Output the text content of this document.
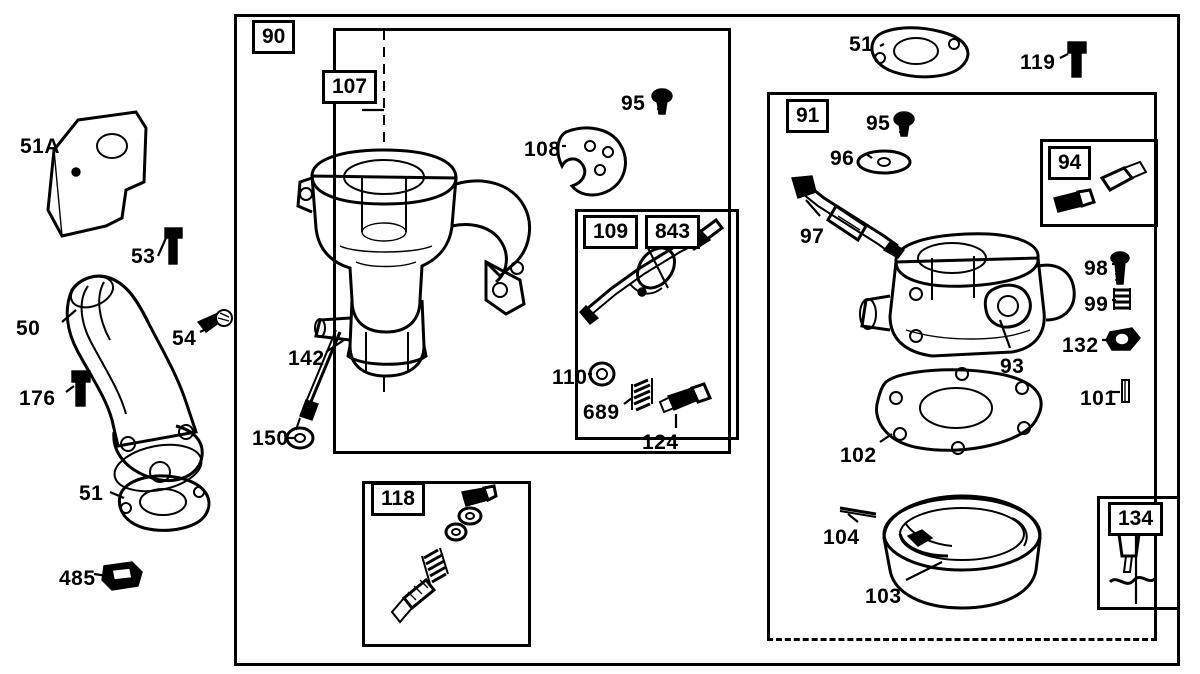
90
107
109	843
118
91
94
134
51A
53
50	54
176
51
485
142
150
108
95
110
689
124
51
119
95
96
97
93
98
99
132
101
102
104
103
